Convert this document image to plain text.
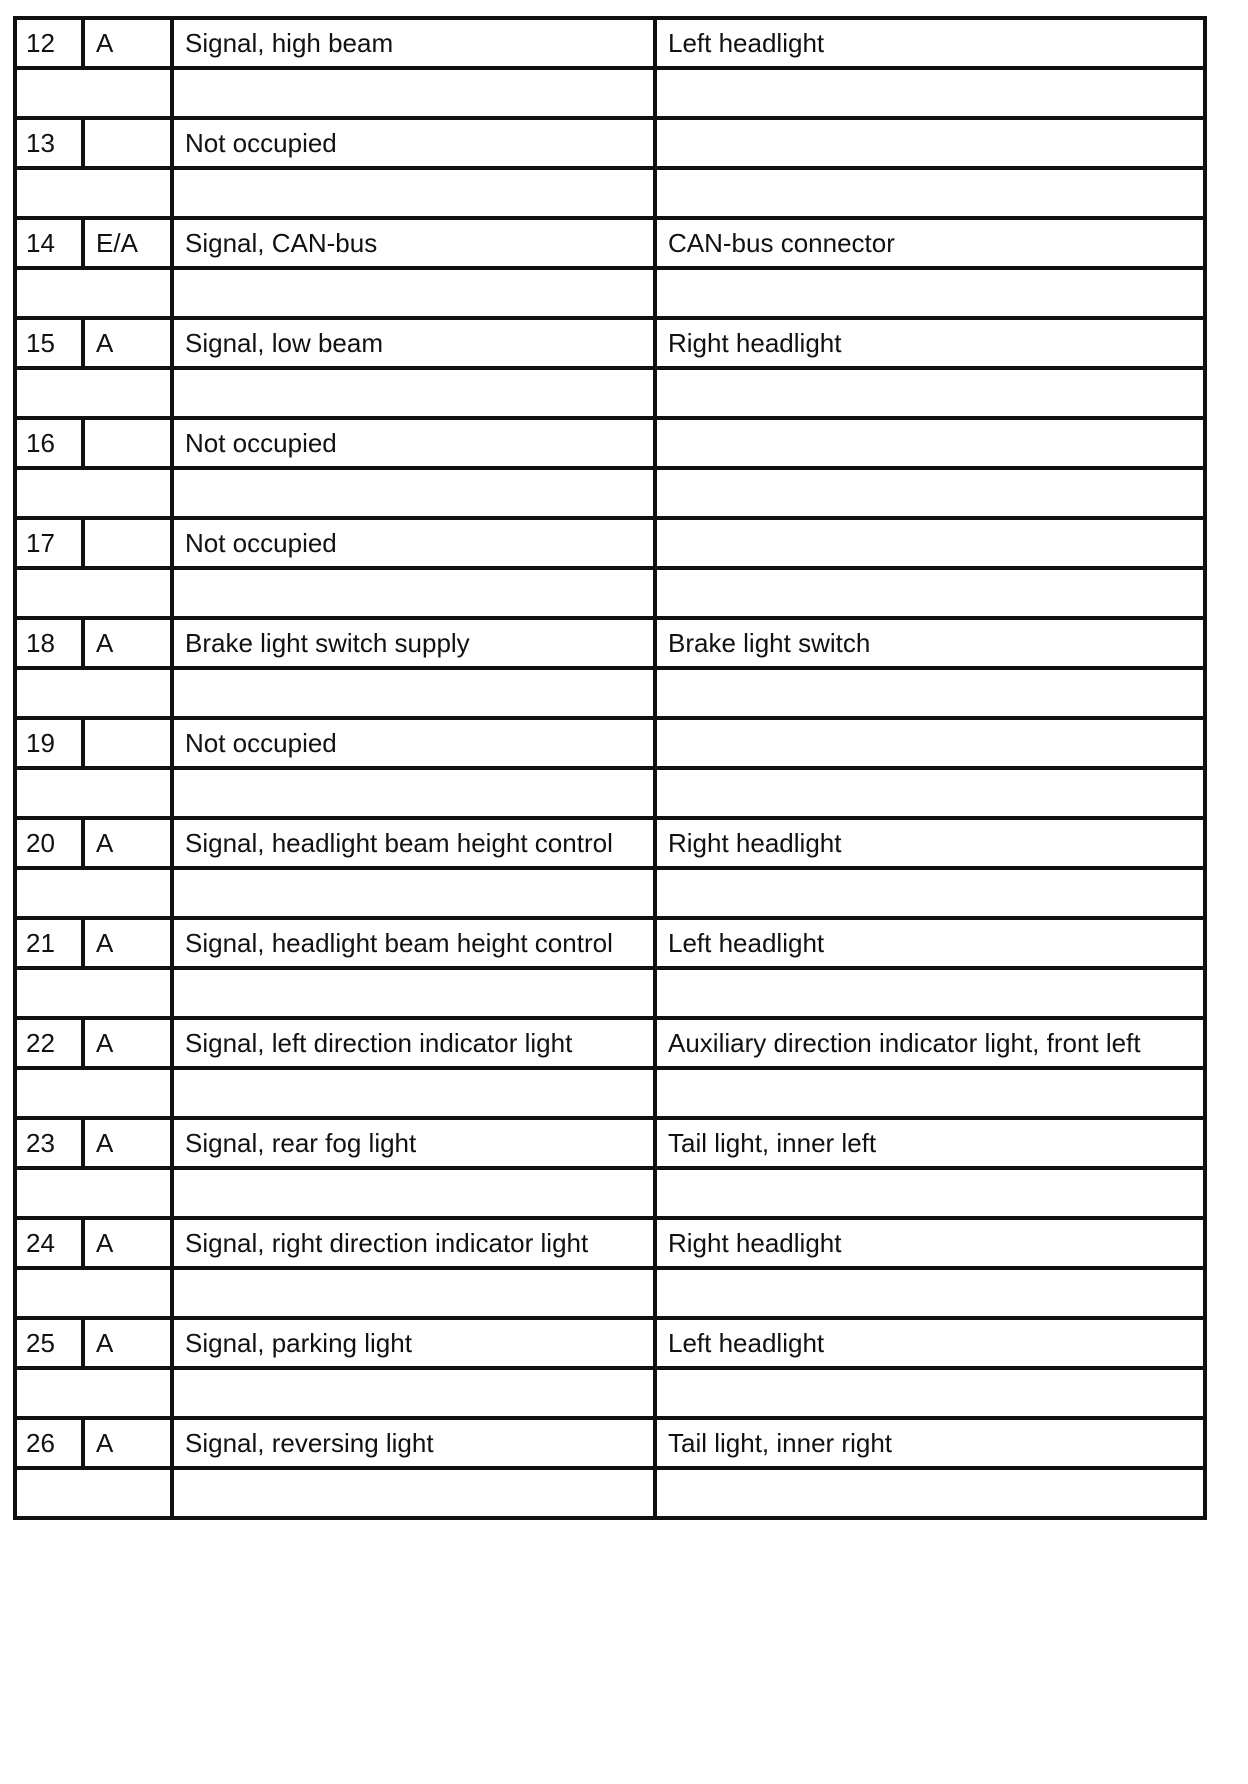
12	A	Signal, high beam	Left headlight

13		Not occupied	

14	E/A	Signal, CAN-bus	CAN-bus connector

15	A	Signal, low beam	Right headlight

16		Not occupied	

17		Not occupied	

18	A	Brake light switch supply	Brake light switch

19		Not occupied	

20	A	Signal, headlight beam height control	Right headlight

21	A	Signal, headlight beam height control	Left headlight

22	A	Signal, left direction indicator light	Auxiliary direction indicator light, front left

23	A	Signal, rear fog light	Tail light, inner left

24	A	Signal, right direction indicator light	Right headlight

25	A	Signal, parking light	Left headlight

26	A	Signal, reversing light	Tail light, inner right
